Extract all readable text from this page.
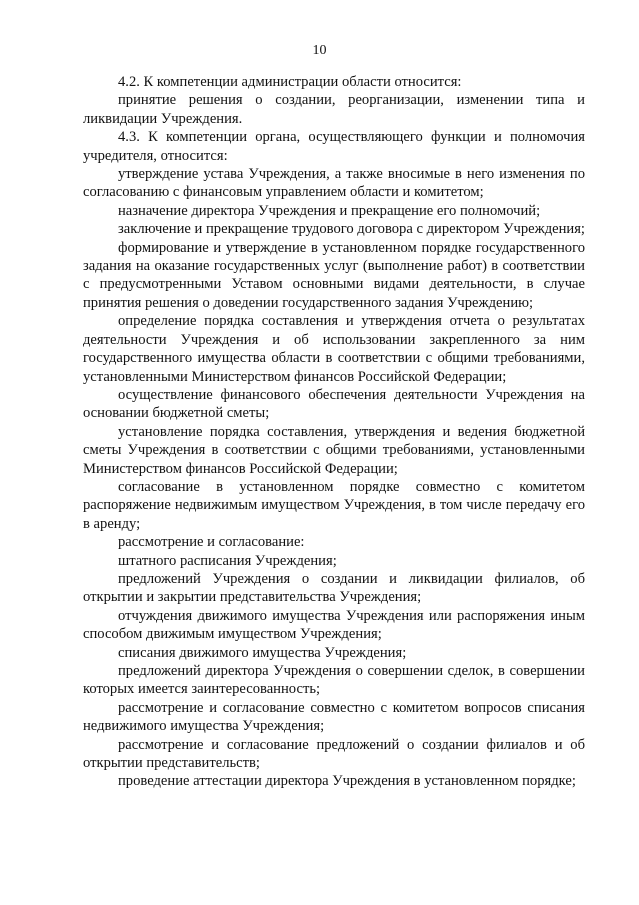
10

4.2. К компетенции администрации области относится:

принятие решения о создании, реорганизации, изменении типа и ликвидации Учреждения.

4.3. К компетенции органа, осуществляющего функции и полномочия учредителя, относится:

утверждение устава Учреждения, а также вносимые в него изменения по согласованию с финансовым управлением области и комитетом;

назначение директора Учреждения и прекращение его полномочий;

заключение и прекращение трудового договора с директором Учреждения;

формирование и утверждение в установленном порядке государственного задания на оказание государственных услуг (выполнение работ) в соответствии с предусмотренными Уставом основными видами деятельности, в случае принятия решения о доведении государственного задания Учреждению;

определение порядка составления и утверждения отчета о результатах деятельности Учреждения и об использовании закрепленного за ним государственного имущества области в соответствии с общими требованиями, установленными Министерством финансов Российской Федерации;

осуществление финансового обеспечения деятельности Учреждения на основании бюджетной сметы;

установление порядка составления, утверждения и ведения бюджетной сметы Учреждения в соответствии с общими требованиями, установленными Министерством финансов Российской Федерации;

согласование в установленном порядке совместно с комитетом распоряжение недвижимым имуществом Учреждения, в том числе передачу его в аренду;

рассмотрение и согласование:

штатного расписания Учреждения;

предложений Учреждения о создании и ликвидации филиалов, об открытии и закрытии представительства Учреждения;

отчуждения движимого имущества Учреждения или распоряжения иным способом движимым имуществом Учреждения;

списания движимого имущества Учреждения;

предложений директора Учреждения о совершении сделок, в совершении которых имеется заинтересованность;

рассмотрение и согласование совместно с комитетом вопросов списания недвижимого имущества Учреждения;

рассмотрение и согласование предложений о создании филиалов и об открытии представительств;

проведение аттестации директора Учреждения в установленном порядке;
